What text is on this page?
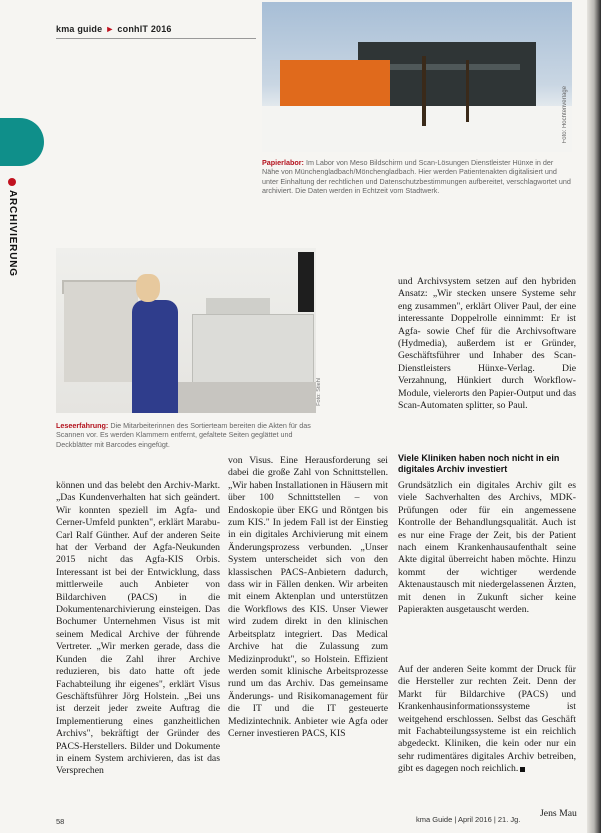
kma guide ► conhIT 2016
ARCHIVIERUNG
Foto: Hochtenverlage
Papierlabor: Im Labor von Meso Bildschirm und Scan-Lösungen Dienstleister Hünxe in der Nähe von Münchengladbach/Mönchengladbach. Hier werden Patientenakten digitalisiert und unter Einhaltung der rechtlichen und Datenschutzbestimmungen aufbereitet, verschlagwortet und archiviert. Die Daten werden in Echtzeit vom Stadtwerk.
Foto: Stiehl
Leseerfahrung: Die Mitarbeiterinnen des Sortierteam bereiten die Akten für das Scannen vor. Es werden Klammern entfernt, gefaltete Seiten geglättet und Deckblätter mit Barcodes eingefügt.

und Archivsystem setzen auf den hybriden Ansatz: „Wir stecken unsere Systeme sehr eng zusammen", erklärt Oliver Paul, der eine interessante Doppelrolle einnimmt: Er ist Agfa- sowie Chef für die Archivsoftware (Hydmedia), außerdem ist er Gründer, Geschäftsführer und Inhaber des Scan-Dienstleisters Hünxe-Verlag. Die Verzahnung, Hünkiert durch Workflow-Module, vielerorts den Papier-Output und das Scan-Automaten splitter, so Paul.

Viele Kliniken haben noch nicht in ein digitales Archiv investiert

können und das belebt den Archiv-Markt. „Das Kundenverhalten hat sich geändert. Wir konnten speziell im Agfa- und Cerner-Umfeld punkten", erklärt Marabu-Carl Ralf Günther. Auf der anderen Seite hat der Verband der Agfa-Neukunden 2015 nicht das Agfa-KIS Orbis. Interessant ist bei der Entwicklung, dass mittlerweile auch Anbieter von Bildarchiven (PACS) in die Dokumentenarchivierung einsteigen. Das Bochumer Unternehmen Visus ist mit seinem Medical Archive der führende Vertreter. „Wir merken gerade, dass die Kunden die Zahl ihrer Archive reduzieren, bis dato hatte oft jede Fachabteilung ihr eigenes", erklärt Visus Geschäftsführer Jörg Holstein. „Bei uns ist derzeit jeder zweite Auftrag die Implementierung eines ganzheitlichen Archivs", bekräftigt der Gründer des PACS-Herstellers. Bilder und Dokumente in einem System archivieren, das ist das Versprechen

von Visus. Eine Herausforderung sei dabei die große Zahl von Schnittstellen. „Wir haben Installationen in Häusern mit über 100 Schnittstellen – von Endoskopie über EKG und Röntgen bis zum KIS." In jedem Fall ist der Einstieg in ein digitales Archivierung mit einem Änderungsprozess verbunden. „Unser System unterscheidet sich von den klassischen PACS-Anbietern dadurch, dass wir in Fällen denken. Wir arbeiten mit einem Aktenplan und unterstützen die Workflows des KIS. Unser Viewer wird zudem direkt in den klinischen Arbeitsplatz integriert. Das Medical Archive hat die Zulassung zum Medizinprodukt", so Holstein. Effizient werden somit klinische Arbeitsprozesse rund um das Archiv. Das gemeinsame Änderungs- und Risikomanagement für die IT und die IT gesteuerte Medizintechnik. Anbieter wie Agfa oder Cerner investieren PACS, KIS

Grundsätzlich ein digitales Archiv gilt es viele Sachverhalten des Archivs, MDK-Prüfungen oder für ein angemessene Kontrolle der Behandlungsqualität. Auch ist es nur eine Frage der Zeit, bis der Patient nach einem Krankenhausaufenthalt seine Akte digital überreicht haben möchte. Hinzu kommt der wichtiger werdende Aktenaustausch mit niedergelassenen Ärzten, mit denen in Zukunft sicher keine Papierakten ausgetauscht werden.

Auf der anderen Seite kommt der Druck für die Hersteller zur rechten Zeit. Denn der Markt für Bildarchive (PACS) und Krankenhausinformationssysteme ist weitgehend erschlossen. Selbst das Geschäft mit Fachabteilungssysteme ist ein reichlich abgedeckt. Kliniken, die kein oder nur ein sehr rudimentäres digitales Archiv betreiben, gibt es dagegen noch reichlich.

Jens Mau
58	kma Guide | April 2016 | 21. Jg.
